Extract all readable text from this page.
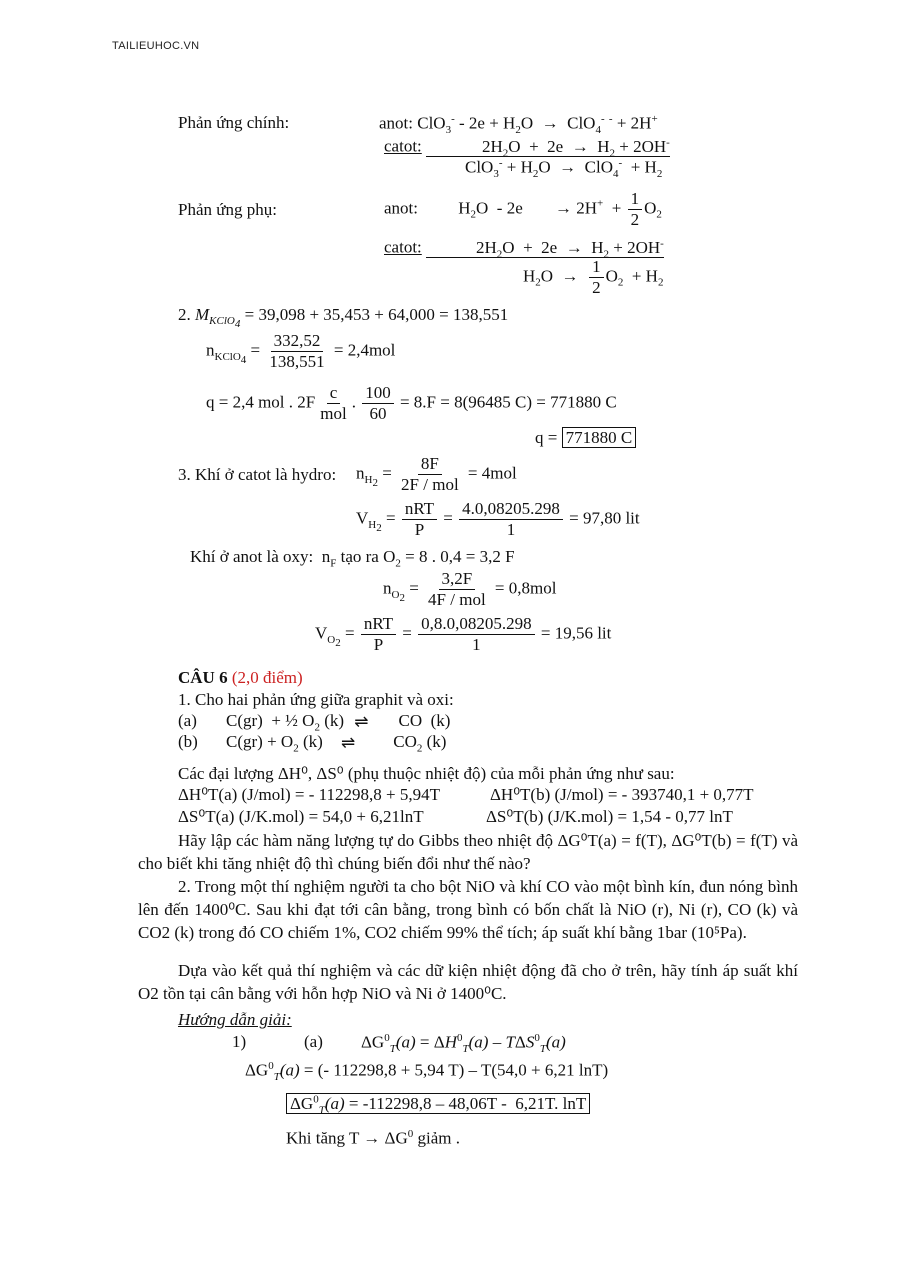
TAILIEUHOC.VN
Phản ứng chính:	anot: $ClO_3^- - 2e + H_2O \to ClO_4^-$ - + 2H+
catot:	$2H_2O + 2e \to H_2 + 2OH^-$
$ClO_3^- + H_2O \to ClO_4^- + H_2$
Phản ứng phụ:	anot: $H_2O - 2e \to 2H^+ + \frac{1}{2} O_2$
catot:	$2H_2O + 2e \to H_2 + 2OH^-$
$H_2O \to \frac{1}{2} O_2 + H_2$
2. $M_{KClO_4} = 39,098 + 35,453 + 64,000 = 138,551$
$n_{KClO_4} = \frac{332,52}{138,551} = 2,4mol$
q = 2,4 mol . $2F \frac{c}{\text{mol}}$ . $\frac{100}{60} = 8.F = 8(96485$ C) = 771880 C
q = 771880 C
3. Khí ở catot là hydro: $n_{H_2} = \frac{8F}{\text{2F / mol}} = 4mol$
$V_{H_2} = \frac{\text{nRT}}{P} = \frac{4.0,08205.298}{1} = 97,80$ lit
Khí ở anot là oxy:  $n_F$ tạo ra $O_2 = 8$ . 0,4 = 3,2 F
$n_{O_2} = \frac{3,2F}{\text{4F / mol}} = 0,8mol$
$V_{O_2} = \frac{\text{nRT}}{P} = \frac{0,8.0,08205.298}{1} = 19,56$ lit
CÂU 6 (2,0 điểm)
1. Cho hai phản ứng giữa graphit và oxi:
(a) C(gr)  + ½ $O_2$ (k) ⇌ CO  (k)
(b) $C(gr) + O_2$ (k) ⇌ $CO_2$ (k)
Các đại lượng ΔH⁰, ΔS⁰ (phụ thuộc nhiệt độ) của mỗi phản ứng như sau:
ΔH⁰T(a) (J/mol) = - 112298,8 + 5,94T	ΔH⁰T(b) (J/mol) = - 393740,1 + 0,77T
ΔS⁰T(a) (J/K.mol) = 54,0 + 6,21lnT	ΔS⁰T(b) (J/K.mol) = 1,54 - 0,77 lnT
Hãy lập các hàm năng lượng tự do Gibbs theo nhiệt độ ΔG⁰T(a) = f(T), ΔG⁰T(b) = f(T) và cho biết khi tăng nhiệt độ thì chúng biến đổi như thế nào?
2. Trong một thí nghiệm người ta cho bột NiO và khí CO vào một bình kín, đun nóng bình lên đến 1400⁰C. Sau khi đạt tới cân bằng, trong bình có bốn chất là NiO (r), Ni (r), CO (k) và CO2 (k) trong đó CO chiếm 1%, CO2 chiếm 99% thể tích; áp suất khí bằng 1bar (10⁵Pa).
Dựa vào kết quả thí nghiệm và các dữ kiện nhiệt động đã cho ở trên, hãy tính áp suất khí O2 tồn tại cân bằng với hỗn hợp NiO và Ni ở 1400⁰C.
Hướng dẫn giải:
1)	(a) $\Delta G^0_T(a) = \Delta H^0_T(a) - T\Delta S^0_T(a)$
$\Delta G^0_T(a)$ = (- 112298,8 + 5,94 T) – T(54,0 + 6,21 lnT)
$\Delta G^0_T(a) = -112298,8 - 48,06T - 6,21T$. lnT
Khi tăng $T \to \Delta G^0$ giảm .
